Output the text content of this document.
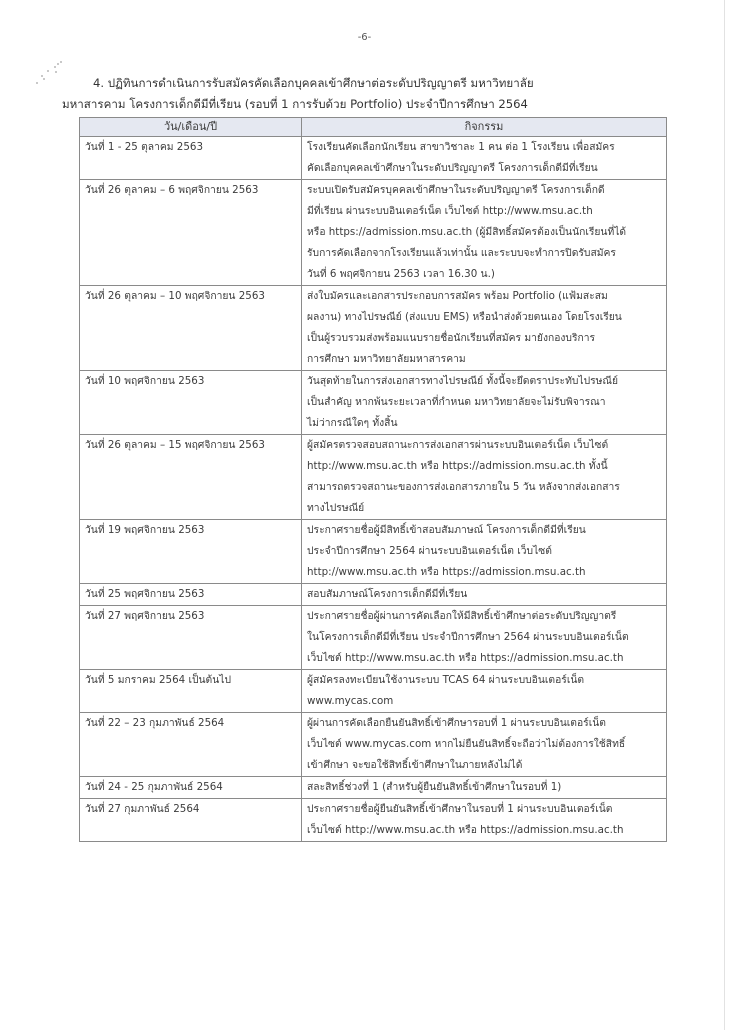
-6-
4. ปฏิทินการดำเนินการรับสมัครคัดเลือกบุคคลเข้าศึกษาต่อระดับปริญญาตรี มหาวิทยาลัย
มหาสารคาม โครงการเด็กดีมีที่เรียน (รอบที่ 1 การรับด้วย Portfolio) ประจำปีการศึกษา 2564
วัน/เดือน/ปี	กิจกรรม
วันที่ 1 - 25 ตุลาคม 2563	โรงเรียนคัดเลือกนักเรียน สาขาวิชาละ 1 คน ต่อ 1 โรงเรียน เพื่อสมัคร
คัดเลือกบุคคลเข้าศึกษาในระดับปริญญาตรี โครงการเด็กดีมีที่เรียน

วันที่ 26 ตุลาคม – 6 พฤศจิกายน 2563	ระบบเปิดรับสมัครบุคคลเข้าศึกษาในระดับปริญญาตรี โครงการเด็กดี
มีที่เรียน ผ่านระบบอินเตอร์เน็ต เว็บไซต์ http://www.msu.ac.th
หรือ https://admission.msu.ac.th (ผู้มีสิทธิ์สมัครต้องเป็นนักเรียนที่ได้
รับการคัดเลือกจากโรงเรียนแล้วเท่านั้น และระบบจะทำการปิดรับสมัคร
วันที่ 6 พฤศจิกายน 2563 เวลา 16.30 น.)

วันที่ 26 ตุลาคม – 10 พฤศจิกายน 2563	ส่งใบมัครและเอกสารประกอบการสมัคร พร้อม Portfolio (แฟ้มสะสม
ผลงาน) ทางไปรษณีย์ (ส่งแบบ EMS) หรือนำส่งด้วยตนเอง โดยโรงเรียน
เป็นผู้รวบรวมส่งพร้อมแนบรายชื่อนักเรียนที่สมัคร มายังกองบริการ
การศึกษา มหาวิทยาลัยมหาสารคาม

วันที่ 10 พฤศจิกายน 2563	วันสุดท้ายในการส่งเอกสารทางไปรษณีย์ ทั้งนี้จะยึดตราประทับไปรษณีย์
เป็นสำคัญ หากพ้นระยะเวลาที่กำหนด มหาวิทยาลัยจะไม่รับพิจารณา
ไม่ว่ากรณีใดๆ ทั้งสิ้น

วันที่ 26 ตุลาคม – 15 พฤศจิกายน 2563	ผู้สมัครตรวจสอบสถานะการส่งเอกสารผ่านระบบอินเตอร์เน็ต เว็บไซต์
http://www.msu.ac.th หรือ https://admission.msu.ac.th ทั้งนี้
สามารถตรวจสถานะของการส่งเอกสารภายใน 5 วัน หลังจากส่งเอกสาร
ทางไปรษณีย์

วันที่ 19 พฤศจิกายน 2563	ประกาศรายชื่อผู้มีสิทธิ์เข้าสอบสัมภาษณ์ โครงการเด็กดีมีที่เรียน
ประจำปีการศึกษา 2564 ผ่านระบบอินเตอร์เน็ต เว็บไซต์
http://www.msu.ac.th หรือ https://admission.msu.ac.th

วันที่ 25 พฤศจิกายน 2563	สอบสัมภาษณ์โครงการเด็กดีมีที่เรียน

วันที่ 27 พฤศจิกายน 2563	ประกาศรายชื่อผู้ผ่านการคัดเลือกให้มีสิทธิ์เข้าศึกษาต่อระดับปริญญาตรี
ในโครงการเด็กดีมีที่เรียน ประจำปีการศึกษา 2564 ผ่านระบบอินเตอร์เน็ต
เว็บไซต์ http://www.msu.ac.th หรือ https://admission.msu.ac.th

วันที่ 5 มกราคม 2564 เป็นต้นไป	ผู้สมัครลงทะเบียนใช้งานระบบ TCAS 64 ผ่านระบบอินเตอร์เน็ต
www.mycas.com

วันที่ 22 – 23 กุมภาพันธ์ 2564	ผู้ผ่านการคัดเลือกยืนยันสิทธิ์เข้าศึกษารอบที่ 1 ผ่านระบบอินเตอร์เน็ต
เว็บไซต์ www.mycas.com หากไม่ยืนยันสิทธิ์จะถือว่าไม่ต้องการใช้สิทธิ์
เข้าศึกษา จะขอใช้สิทธิ์เข้าศึกษาในภายหลังไม่ได้

วันที่ 24 - 25 กุมภาพันธ์ 2564	สละสิทธิ์ช่วงที่ 1 (สำหรับผู้ยืนยันสิทธิ์เข้าศึกษาในรอบที่ 1)

วันที่ 27 กุมภาพันธ์ 2564	ประกาศรายชื่อผู้ยืนยันสิทธิ์เข้าศึกษาในรอบที่ 1 ผ่านระบบอินเตอร์เน็ต
เว็บไซต์ http://www.msu.ac.th หรือ https://admission.msu.ac.th
